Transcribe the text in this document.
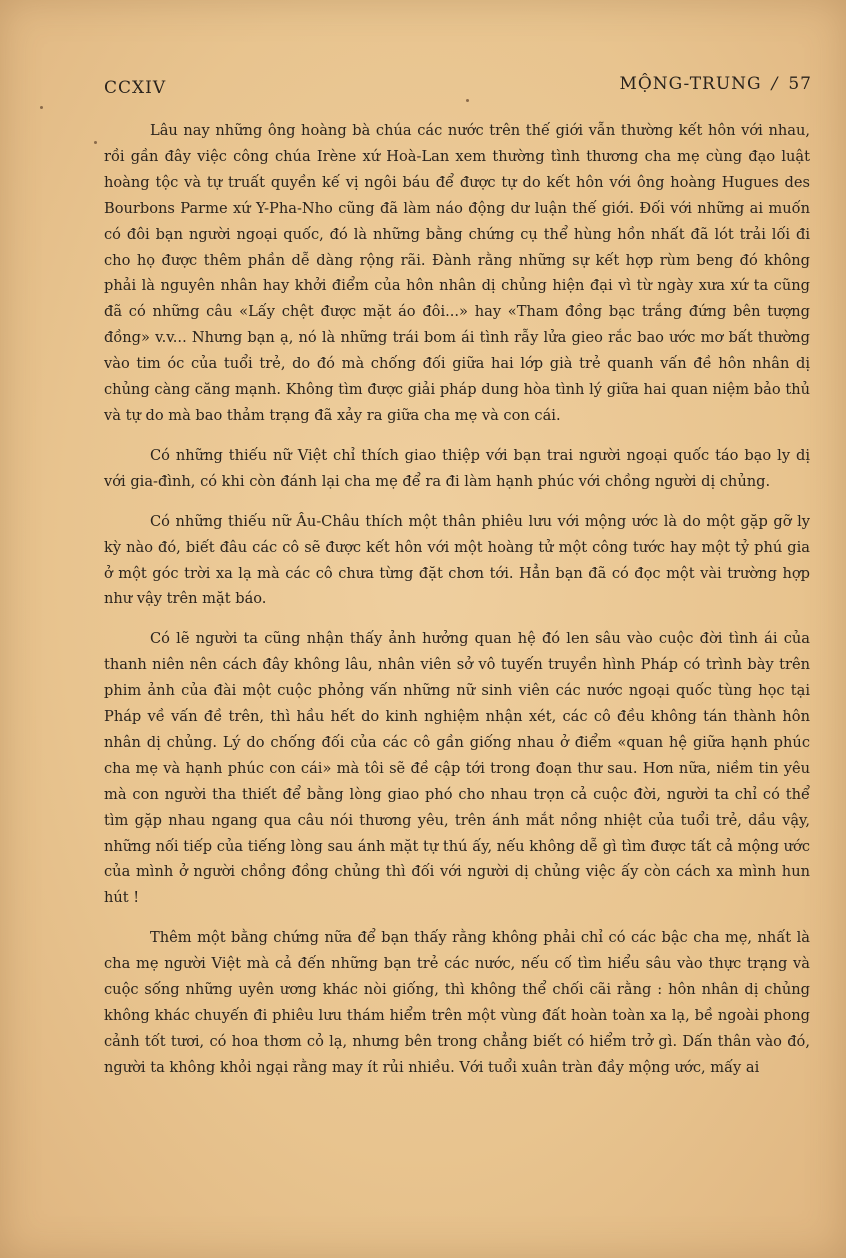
CCXIV	MỘNG-TRUNG / 57

Lâu nay những ông hoàng bà chúa các nước trên thế giới vẫn thường kết hôn với nhau, rồi gần đây việc công chúa Irène xứ Hoà-Lan xem thường tình thương cha mẹ cùng đạo luật hoàng tộc và tự truất quyền kế vị ngôi báu để được tự do kết hôn với ông hoàng Hugues des Bourbons Parme xứ Y-Pha-Nho cũng đã làm náo động dư luận thế giới. Đối với những ai muốn có đôi bạn người ngoại quốc, đó là những bằng chứng cụ thể hùng hồn nhất đã lót trải lối đi cho họ được thêm phần dễ dàng rộng rãi. Đành rằng những sự kết hợp rùm beng đó không phải là nguyên nhân hay khởi điểm của hôn nhân dị chủng hiện đại vì từ ngày xưa xứ ta cũng đã có những câu «Lấy chệt được mặt áo đôi...» hay «Tham đồng bạc trắng đứng bên tượng đồng» v.v... Nhưng bạn ạ, nó là những trái bom ái tình rẫy lửa gieo rắc bao ước mơ bất thường vào tim óc của tuổi trẻ, do đó mà chống đối giữa hai lớp già trẻ quanh vấn đề hôn nhân dị chủng càng căng mạnh. Không tìm được giải pháp dung hòa tình lý giữa hai quan niệm bảo thủ và tự do mà bao thảm trạng đã xảy ra giữa cha mẹ và con cái.

Có những thiếu nữ Việt chỉ thích giao thiệp với bạn trai người ngoại quốc táo bạo ly dị với gia-đình, có khi còn đánh lại cha mẹ để ra đi làm hạnh phúc với chồng người dị chủng.

Có những thiếu nữ Âu-Châu thích một thân phiêu lưu với mộng ước là do một gặp gỡ ly kỳ nào đó, biết đâu các cô sẽ được kết hôn với một hoàng tử một công tước hay một tỷ phú gia ở một góc trời xa lạ mà các cô chưa từng đặt chơn tới. Hẳn bạn đã có đọc một vài trường hợp như vậy trên mặt báo.

Có lẽ người ta cũng nhận thấy ảnh hưởng quan hệ đó len sâu vào cuộc đời tình ái của thanh niên nên cách đây không lâu, nhân viên sở vô tuyến truyền hình Pháp có trình bày trên phim ảnh của đài một cuộc phỏng vấn những nữ sinh viên các nước ngoại quốc tùng học tại Pháp về vấn đề trên, thì hầu hết do kinh nghiệm nhận xét, các cô đều không tán thành hôn nhân dị chủng. Lý do chống đối của các cô gần giống nhau ở điểm «quan hệ giữa hạnh phúc cha mẹ và hạnh phúc con cái» mà tôi sẽ đề cập tới trong đoạn thư sau. Hơn nữa, niềm tin yêu mà con người tha thiết để bằng lòng giao phó cho nhau trọn cả cuộc đời, người ta chỉ có thể tìm gặp nhau ngang qua câu nói thương yêu, trên ánh mắt nồng nhiệt của tuổi trẻ, dầu vậy, những nối tiếp của tiếng lòng sau ánh mặt tự thú ấy, nếu không dễ gì tìm được tất cả mộng ước của mình ở người chồng đồng chủng thì đối với người dị chủng việc ấy còn cách xa mình hun hút !

Thêm một bằng chứng nữa để bạn thấy rằng không phải chỉ có các bậc cha mẹ, nhất là cha mẹ người Việt mà cả đến những bạn trẻ các nước, nếu cố tìm hiểu sâu vào thực trạng và cuộc sống những uyên ương khác nòi giống, thì không thể chối cãi rằng : hôn nhân dị chủng không khác chuyến đi phiêu lưu thám hiểm trên một vùng đất hoàn toàn xa lạ, bề ngoài phong cảnh tốt tươi, có hoa thơm cỏ lạ, nhưng bên trong chẳng biết có hiểm trở gì. Dấn thân vào đó, người ta không khỏi ngại rằng may ít rủi nhiều. Với tuổi xuân tràn đầy mộng ước, mấy ai
